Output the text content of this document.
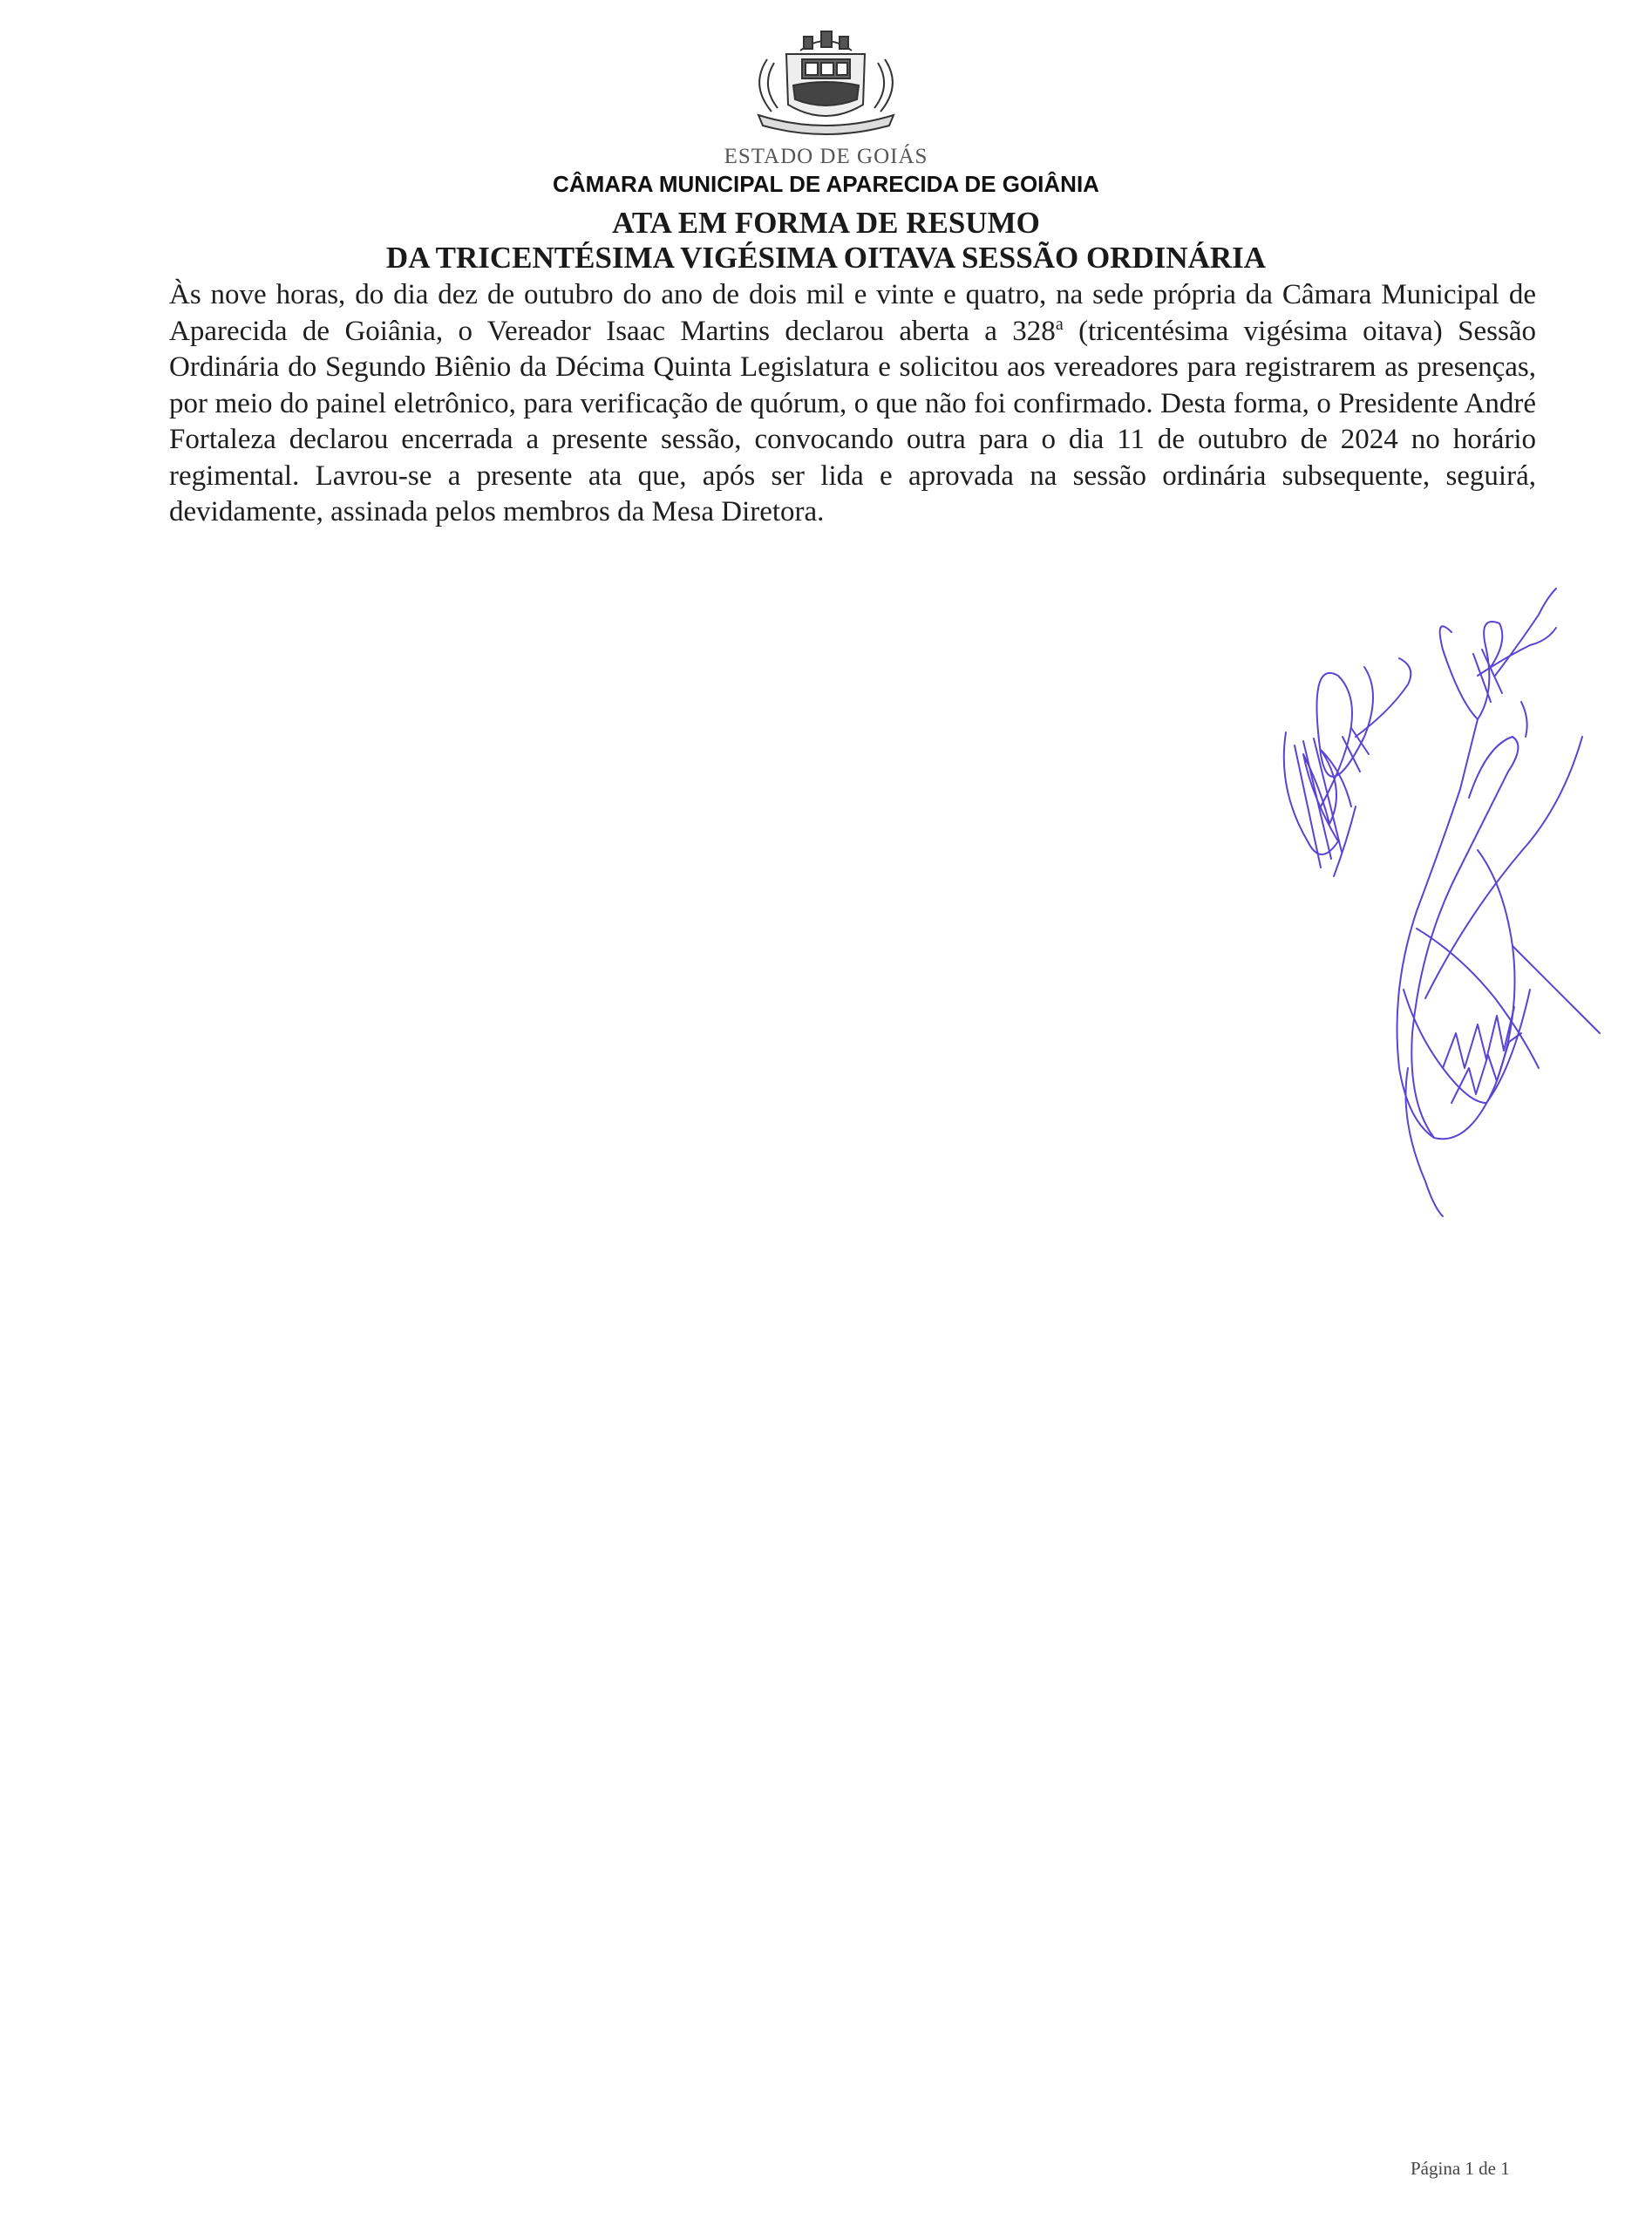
ESTADO DE GOIÁS
CÂMARA MUNICIPAL DE APARECIDA DE GOIÂNIA
ATA EM FORMA DE RESUMO
DA TRICENTÉSIMA VIGÉSIMA OITAVA SESSÃO ORDINÁRIA

Às nove horas, do dia dez de outubro do ano de dois mil e vinte e quatro, na sede própria da Câmara Municipal de Aparecida de Goiânia, o Vereador Isaac Martins declarou aberta a 328$^a$ (tricentésima vigésima oitava) Sessão Ordinária do Segundo Biênio da Décima Quinta Legislatura e solicitou aos vereadores para registrarem as presenças, por meio do painel eletrônico, para verificação de quórum, o que não foi confirmado. Desta forma, o Presidente André Fortaleza declarou encerrada a presente sessão, convocando outra para o dia 11 de outubro de 2024 no horário regimental. Lavrou-se a presente ata que, após ser lida e aprovada na sessão ordinária subsequente, seguirá, devidamente, assinada pelos membros da Mesa Diretora.

Página 1 de 1
